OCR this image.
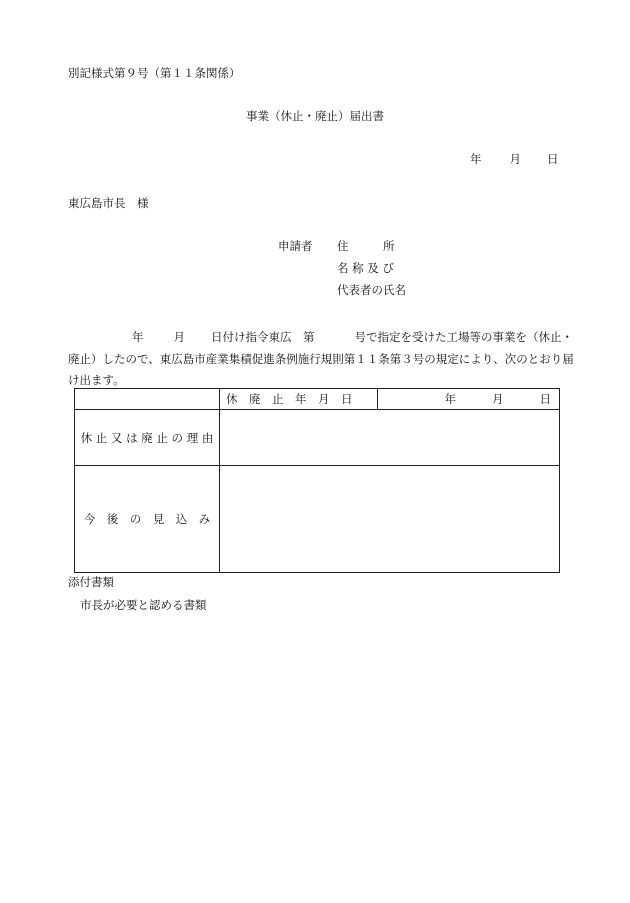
別記様式第９号（第１１条関係）
事業（休止・廃止）届出書
年 月 日
東広島市長　様
申請者 住　　　所
名 称 及 び
代表者の氏名
年	月 日付け指令東広　第	号で指定を受けた工場等の事業を（休止・廃止）したので、東広島市産業集積促進条例施行規則第１１条第３号の規定により、次のとおり届け出ます。

休　廃　止　年　月　日 年 月 日

休 止 又 は 廃 止 の 理 由	
今　後　の　見　込　み	
添付書類
市長が必要と認める書類
